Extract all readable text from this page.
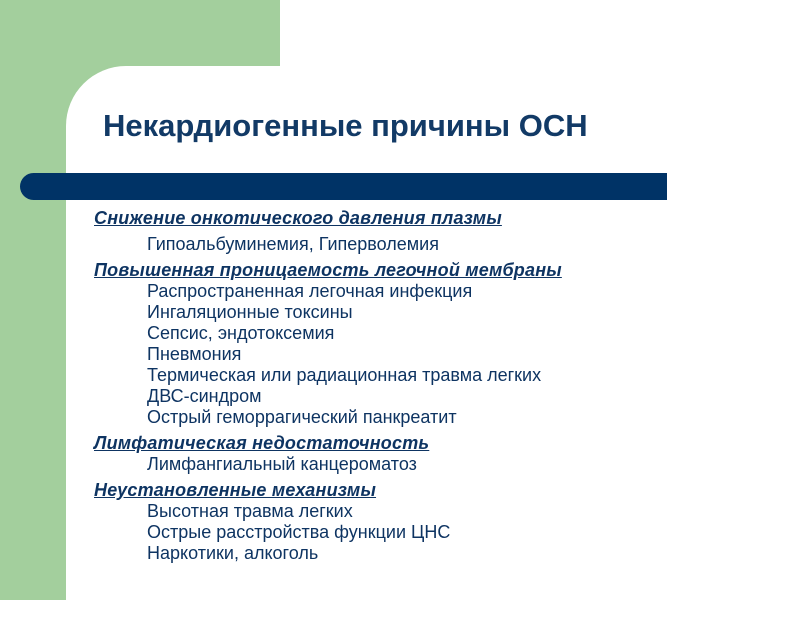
Некардиогенные причины ОСН
Снижение онкотического давления плазмы
Гипоальбуминемия, Гиперволемия
Повышенная проницаемость легочной мембраны
Распространенная легочная инфекция
Ингаляционные токсины
Сепсис, эндотоксемия
Пневмония
Термическая или радиационная травма легких
ДВС-синдром
Острый геморрагический панкреатит
Лимфатическая недостаточность
Лимфангиальный канцероматоз
Неустановленные механизмы
Высотная травма легких
Острые расстройства функции ЦНС
Наркотики, алкоголь
